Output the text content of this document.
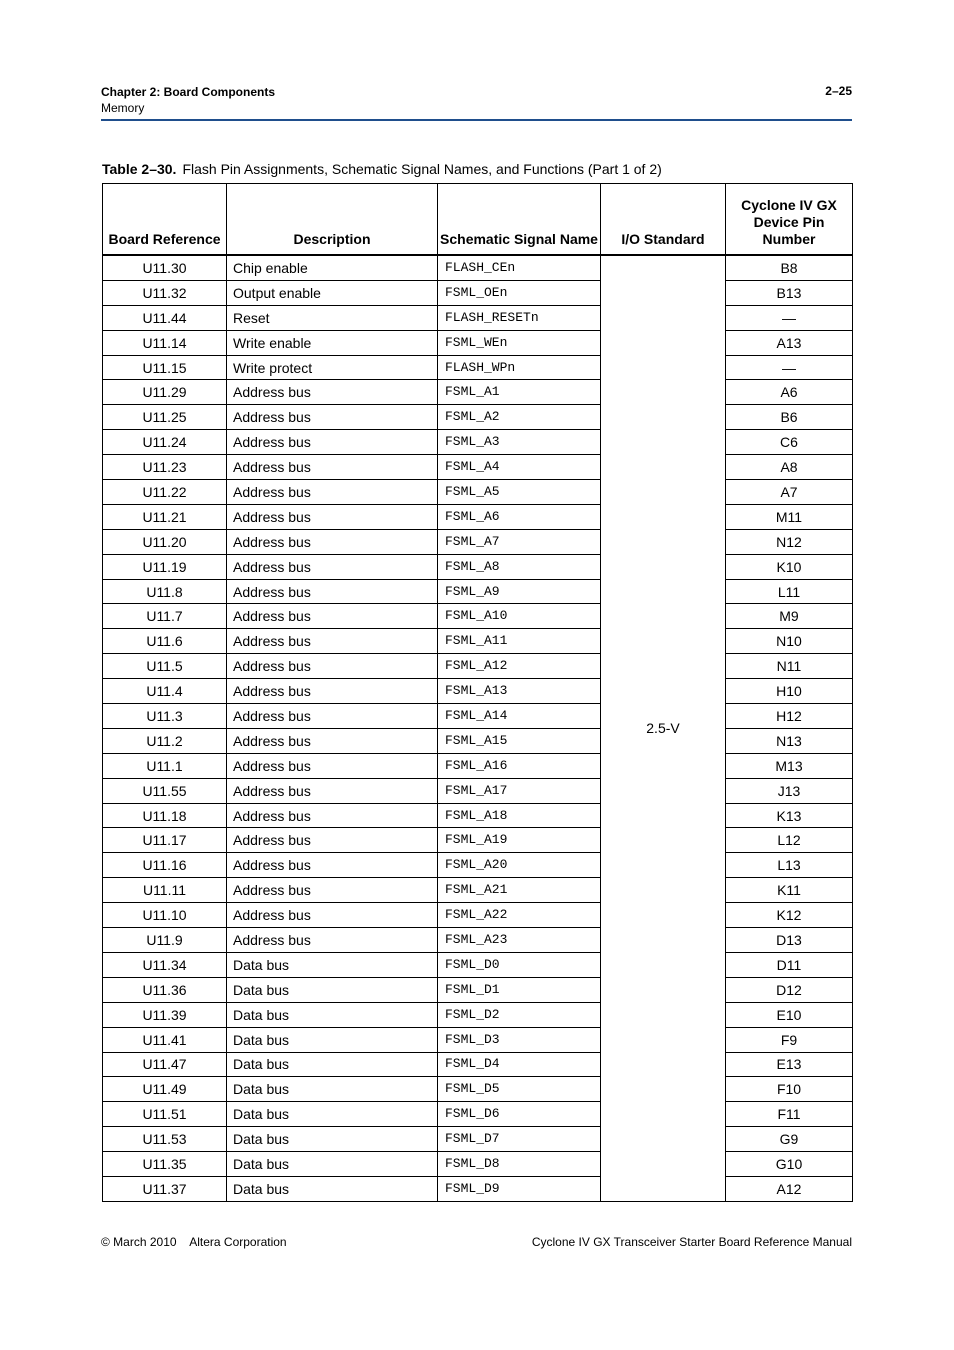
Chapter 2: Board Components
Memory
2–25
Table 2–30. Flash Pin Assignments, Schematic Signal Names, and Functions (Part 1 of 2)
Board Reference	Description	Schematic Signal Name	I/O Standard	Cyclone IV GX Device Pin Number
U11.30	Chip enable	FLASH_CEn	2.5-V	B8
U11.32	Output enable	FSML_OEn		B13
U11.44	Reset	FLASH_RESETn		—
U11.14	Write enable	FSML_WEn		A13
U11.15	Write protect	FLASH_WPn		—
U11.29	Address bus	FSML_A1		A6
U11.25	Address bus	FSML_A2		B6
U11.24	Address bus	FSML_A3		C6
U11.23	Address bus	FSML_A4		A8
U11.22	Address bus	FSML_A5		A7
U11.21	Address bus	FSML_A6		M11
U11.20	Address bus	FSML_A7		N12
U11.19	Address bus	FSML_A8		K10
U11.8	Address bus	FSML_A9		L11
U11.7	Address bus	FSML_A10		M9
U11.6	Address bus	FSML_A11		N10
U11.5	Address bus	FSML_A12		N11
U11.4	Address bus	FSML_A13		H10
U11.3	Address bus	FSML_A14		H12
U11.2	Address bus	FSML_A15		N13
U11.1	Address bus	FSML_A16		M13
U11.55	Address bus	FSML_A17		J13
U11.18	Address bus	FSML_A18		K13
U11.17	Address bus	FSML_A19		L12
U11.16	Address bus	FSML_A20		L13
U11.11	Address bus	FSML_A21		K11
U11.10	Address bus	FSML_A22		K12
U11.9	Address bus	FSML_A23		D13
U11.34	Data bus	FSML_D0		D11
U11.36	Data bus	FSML_D1		D12
U11.39	Data bus	FSML_D2		E10
U11.41	Data bus	FSML_D3		F9
U11.47	Data bus	FSML_D4		E13
U11.49	Data bus	FSML_D5		F10
U11.51	Data bus	FSML_D6		F11
U11.53	Data bus	FSML_D7		G9
U11.35	Data bus	FSML_D8		G10
U11.37	Data bus	FSML_D9		A12
© March 2010    Altera Corporation	Cyclone IV GX Transceiver Starter Board Reference Manual
